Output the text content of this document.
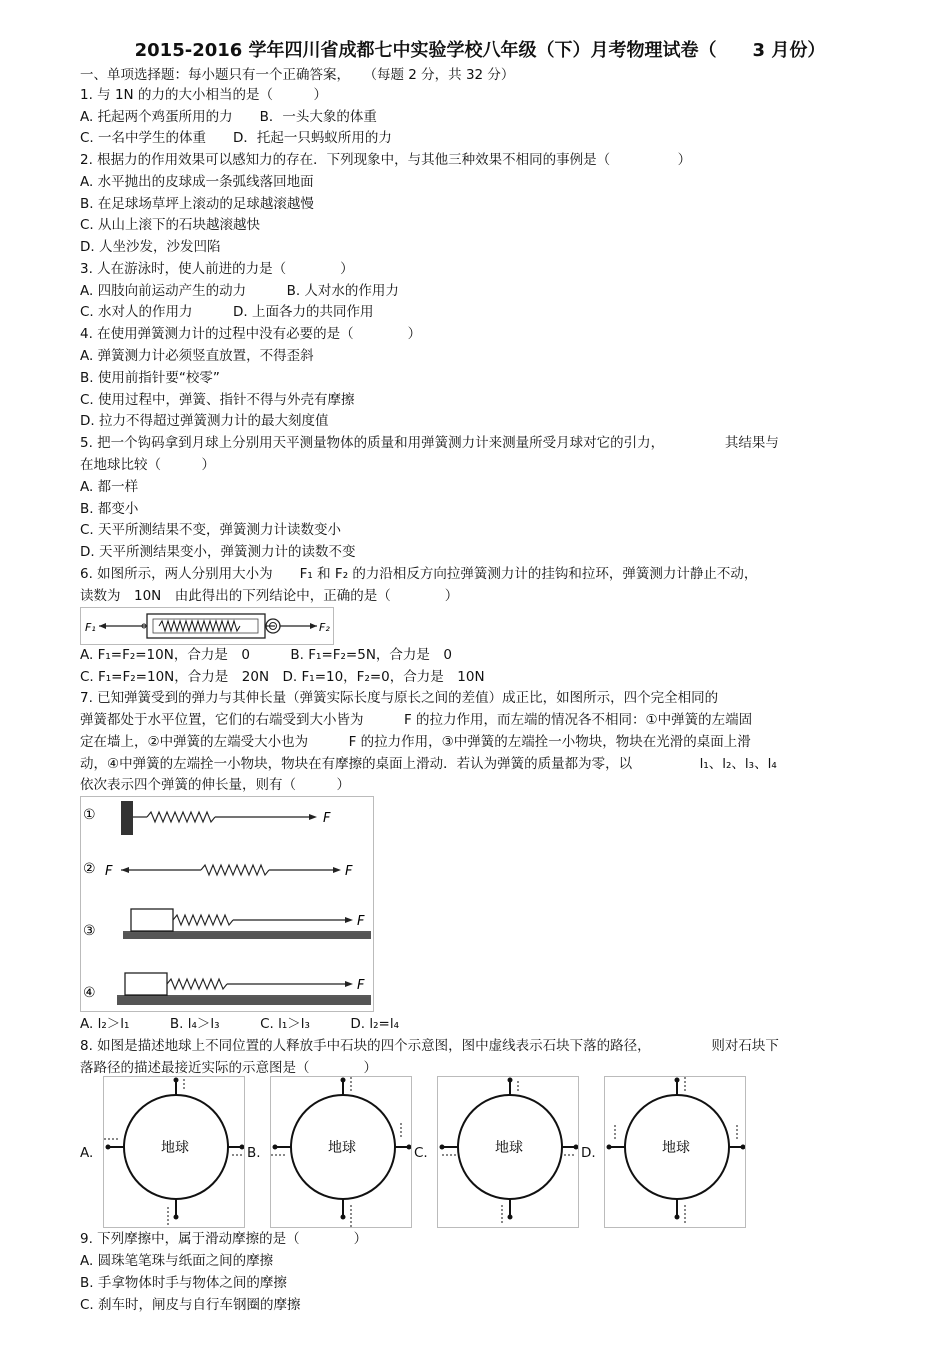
2015-2016 学年四川省成都七中实验学校八年级（下）月考物理试卷（　　3 月份）
一、单项选择题：每小题只有一个正确答案，　　（每题 2 分，共 32 分）
1. 与 1N 的力的大小相当的是（　　　）
A. 托起两个鸡蛋所用的力　　B．一头大象的体重
C. 一名中学生的体重　　D．托起一只蚂蚁所用的力
2. 根据力的作用效果可以感知力的存在．下列现象中，与其他三种效果不相同的事例是（　　　　　）
A. 水平抛出的皮球成一条弧线落回地面
B. 在足球场草坪上滚动的足球越滚越慢
C. 从山上滚下的石块越滚越快
D. 人坐沙发，沙发凹陷
3. 人在游泳时，使人前进的力是（　　　　）
A. 四肢向前运动产生的动力　　　B. 人对水的作用力
C. 水对人的作用力　　　D. 上面各力的共同作用
4. 在使用弹簧测力计的过程中没有必要的是（　　　　）
A. 弹簧测力计必须竖直放置，不得歪斜
B. 使用前指针要“校零”
C. 使用过程中，弹簧、指针不得与外壳有摩擦
D. 拉力不得超过弹簧测力计的最大刻度值
5. 把一个钩码拿到月球上分别用天平测量物体的质量和用弹簧测力计来测量所受月球对它的引力，　　　　　其结果与
在地球比较（　　　）
A. 都一样
B. 都变小
C. 天平所测结果不变，弹簧测力计读数变小
D. 天平所测结果变小，弹簧测力计的读数不变
6. 如图所示，两人分别用大小为　　F₁ 和 F₂ 的力沿相反方向拉弹簧测力计的挂钩和拉环，弹簧测力计静止不动，
读数为　10N　由此得出的下列结论中，正确的是（　　　　）
F₁	F₂
A. F₁=F₂=10N，合力是　0　　　B. F₁=F₂=5N，合力是　0
C. F₁=F₂=10N，合力是　20N　D. F₁=10，F₂=0，合力是　10N
7. 已知弹簧受到的弹力与其伸长量（弹簧实际长度与原长之间的差值）成正比，如图所示，四个完全相同的
弹簧都处于水平位置，它们的右端受到大小皆为　　　F 的拉力作用，而左端的情况各不相同：①中弹簧的左端固
定在墙上，②中弹簧的左端受大小也为　　　F 的拉力作用，③中弹簧的左端拴一小物块，物块在光滑的桌面上滑
动，④中弹簧的左端拴一小物块，物块在有摩擦的桌面上滑动．若认为弹簧的质量都为零，以　　　　　l₁、l₂、l₃、l₄
依次表示四个弹簧的伸长量，则有（　　　）
①	F
② F	F
③
F
④	F
A. l₂＞l₁　　　B. l₄＞l₃　　　C. l₁＞l₃　　　D. l₂=l₄
8. 如图是描述地球上不同位置的人释放手中石块的四个示意图，图中虚线表示石块下落的路径，　　　　　则对石块下
落路径的描述最接近实际的示意图是（　　　　）
A.	地球	B.	地球	C.	地球	D.	地球
9. 下列摩擦中，属于滑动摩擦的是（　　　　）
A. 圆珠笔笔珠与纸面之间的摩擦
B. 手拿物体时手与物体之间的摩擦
C. 刹车时，闸皮与自行车钢圈的摩擦
